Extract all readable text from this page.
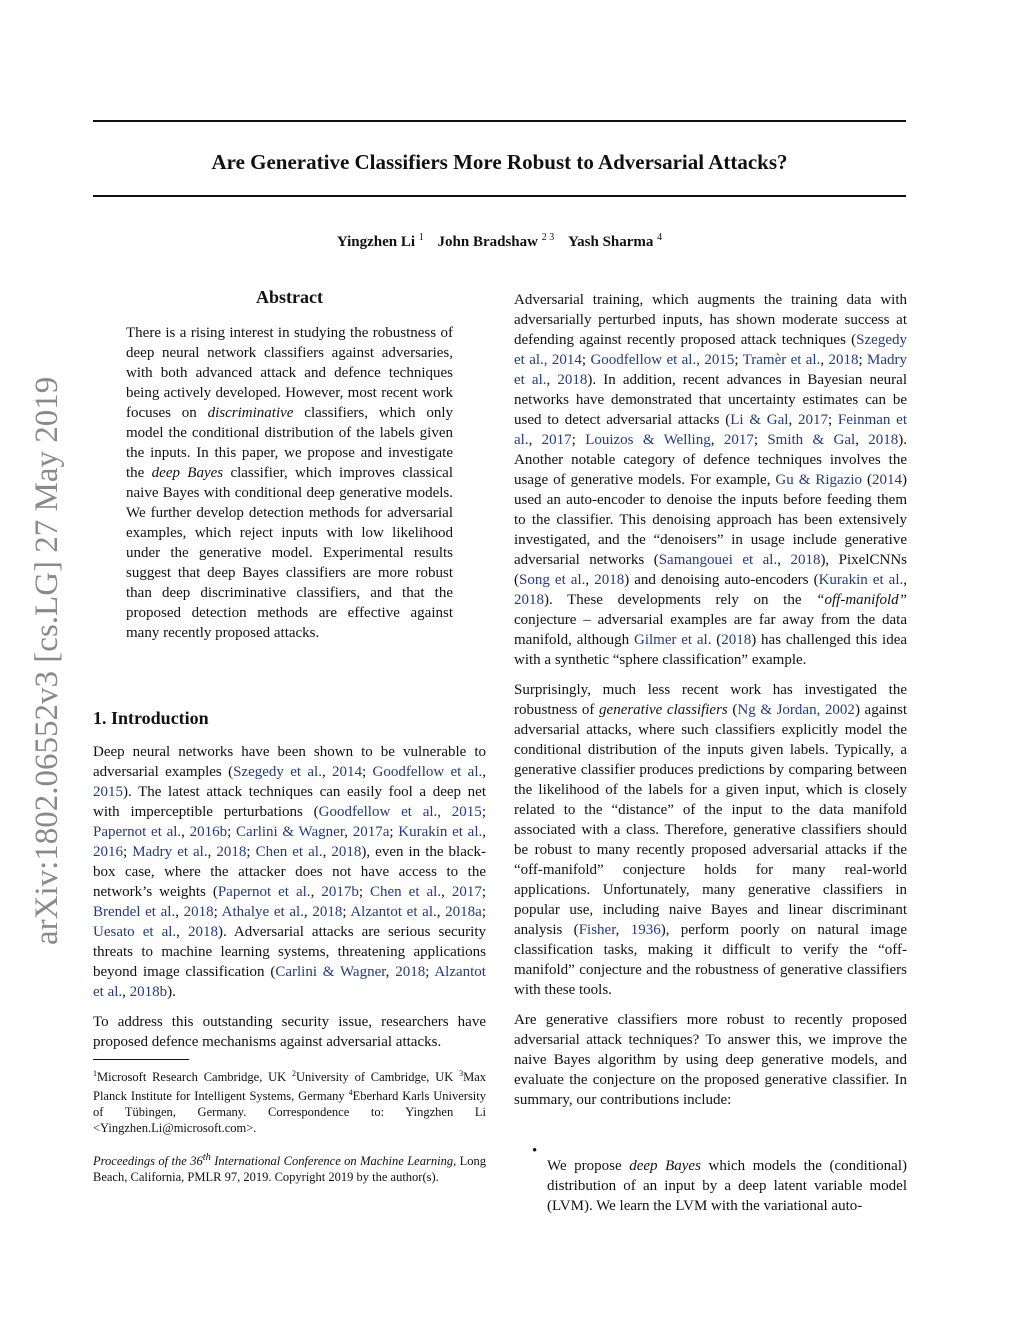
arXiv:1802.06552v3 [cs.LG] 27 May 2019
Are Generative Classifiers More Robust to Adversarial Attacks?
Yingzhen Li $^1$ John Bradshaw $^{2 3}$ Yash Sharma $^4$
Abstract

There is a rising interest in studying the robustness of deep neural network classifiers against adversaries, with both advanced attack and defence techniques being actively developed. However, most recent work focuses on discriminative classifiers, which only model the conditional distribution of the labels given the inputs. In this paper, we propose and investigate the deep Bayes classifier, which improves classical naive Bayes with conditional deep generative models. We further develop detection methods for adversarial examples, which reject inputs with low likelihood under the generative model. Experimental results suggest that deep Bayes classifiers are more robust than deep discriminative classifiers, and that the proposed detection methods are effective against many recently proposed attacks.

1. Introduction

Deep neural networks have been shown to be vulnerable to adversarial examples (Szegedy et al., 2014; Goodfellow et al., 2015). The latest attack techniques can easily fool a deep net with imperceptible perturbations (Goodfellow et al., 2015; Papernot et al., 2016b; Carlini & Wagner, 2017a; Kurakin et al., 2016; Madry et al., 2018; Chen et al., 2018), even in the black-box case, where the attacker does not have access to the network’s weights (Papernot et al., 2017b; Chen et al., 2017; Brendel et al., 2018; Athalye et al., 2018; Alzantot et al., 2018a; Uesato et al., 2018). Adversarial attacks are serious security threats to machine learning systems, threatening applications beyond image classification (Carlini & Wagner, 2018; Alzantot et al., 2018b).

To address this outstanding security issue, researchers have proposed defence mechanisms against adversarial attacks.

$^1$Microsoft Research Cambridge, UK $^2$University of Cambridge, UK $^3$Max Planck Institute for Intelligent Systems, Germany $^4$Eberhard Karls University of Tübingen, Germany. Correspondence to: Yingzhen Li <Yingzhen.Li@microsoft.com>.
Proceedings of the 36th International Conference on Machine Learning, Long Beach, California, PMLR 97, 2019. Copyright 2019 by the author(s).

Adversarial training, which augments the training data with adversarially perturbed inputs, has shown moderate success at defending against recently proposed attack techniques (Szegedy et al., 2014; Goodfellow et al., 2015; Tramèr et al., 2018; Madry et al., 2018). In addition, recent advances in Bayesian neural networks have demonstrated that uncertainty estimates can be used to detect adversarial attacks (Li & Gal, 2017; Feinman et al., 2017; Louizos & Welling, 2017; Smith & Gal, 2018). Another notable category of defence techniques involves the usage of generative models. For example, Gu & Rigazio (2014) used an auto-encoder to denoise the inputs before feeding them to the classifier. This denoising approach has been extensively investigated, and the “denoisers” in usage include generative adversarial networks (Samangouei et al., 2018), PixelCNNs (Song et al., 2018) and denoising auto-encoders (Kurakin et al., 2018). These developments rely on the “off-manifold” conjecture – adversarial examples are far away from the data manifold, although Gilmer et al. (2018) has challenged this idea with a synthetic “sphere classification” example.

Surprisingly, much less recent work has investigated the robustness of generative classifiers (Ng & Jordan, 2002) against adversarial attacks, where such classifiers explicitly model the conditional distribution of the inputs given labels. Typically, a generative classifier produces predictions by comparing between the likelihood of the labels for a given input, which is closely related to the “distance” of the input to the data manifold associated with a class. Therefore, generative classifiers should be robust to many recently proposed adversarial attacks if the “off-manifold” conjecture holds for many real-world applications. Unfortunately, many generative classifiers in popular use, including naive Bayes and linear discriminant analysis (Fisher, 1936), perform poorly on natural image classification tasks, making it difficult to verify the “off-manifold” conjecture and the robustness of generative classifiers with these tools.

Are generative classifiers more robust to recently proposed adversarial attack techniques? To answer this, we improve the naive Bayes algorithm by using deep generative models, and evaluate the conjecture on the proposed generative classifier. In summary, our contributions include:

•

We propose deep Bayes which models the (conditional) distribution of an input by a deep latent variable model (LVM). We learn the LVM with the variational auto-
